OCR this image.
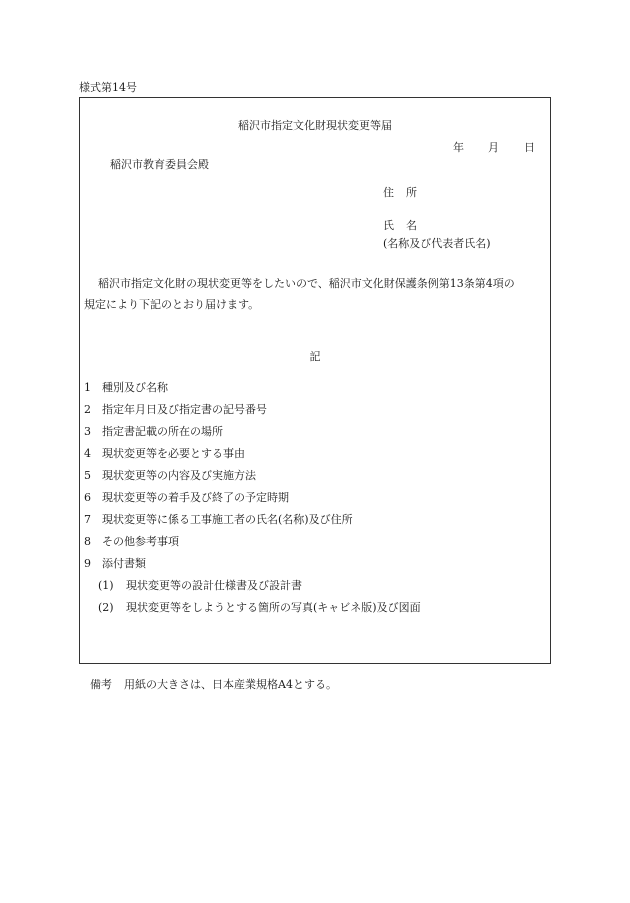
様式第14号
稲沢市指定文化財現状変更等届
年 月 日
稲沢市教育委員会殿
住所
氏名
(名称及び代表者氏名)
稲沢市指定文化財の現状変更等をしたいので、稲沢市文化財保護条例第13条第4項の
規定により下記のとおり届けます。
記
1 種別及び名称
2 指定年月日及び指定書の記号番号
3 指定書記載の所在の場所
4 現状変更等を必要とする事由
5 現状変更等の内容及び実施方法
6 現状変更等の着手及び終了の予定時期
7 現状変更等に係る工事施工者の氏名(名称)及び住所
8 その他参考事項
9 添付書類
(1) 現状変更等の設計仕様書及び設計書
(2) 現状変更等をしようとする箇所の写真(キャビネ版)及び図面
備考 用紙の大きさは、日本産業規格A4とする。
